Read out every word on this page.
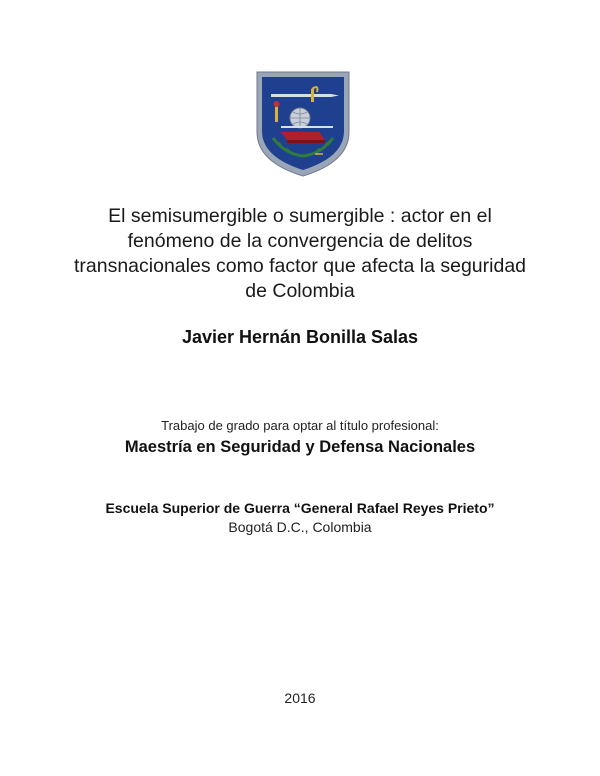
El semisumergible o sumergible : actor en el
fenómeno de la convergencia de delitos
transnacionales como factor que afecta la seguridad
de Colombia
Javier Hernán Bonilla Salas
Trabajo de grado para optar al título profesional:
Maestría en Seguridad y Defensa Nacionales
Escuela Superior de Guerra “General Rafael Reyes Prieto”
Bogotá D.C., Colombia
2016
